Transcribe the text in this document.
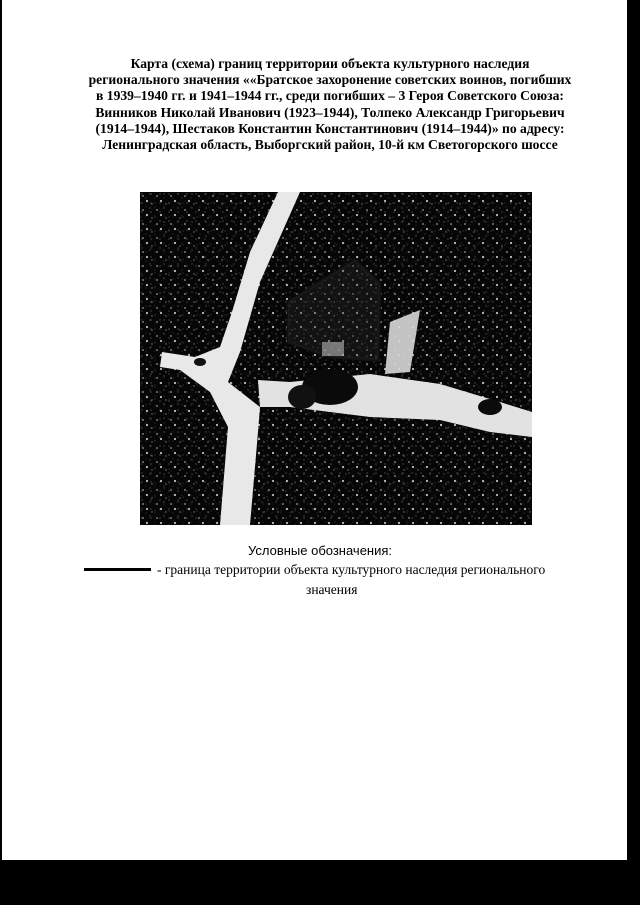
Карта (схема) границ территории объекта культурного наследия
регионального значения ««Братское захоронение советских воинов, погибших
в 1939–1940 гг. и 1941–1944 гг., среди погибших – 3 Героя Советского Союза:
Винников Николай Иванович (1923–1944), Толпеко Александр Григорьевич
(1914–1944), Шестаков Константин Константинович (1914–1944)» по адресу:
Ленинградская область, Выборгский район, 10-й км Светогорского шоссе
Условные обозначения:
- граница территории объекта культурного наследия регионального
значения
